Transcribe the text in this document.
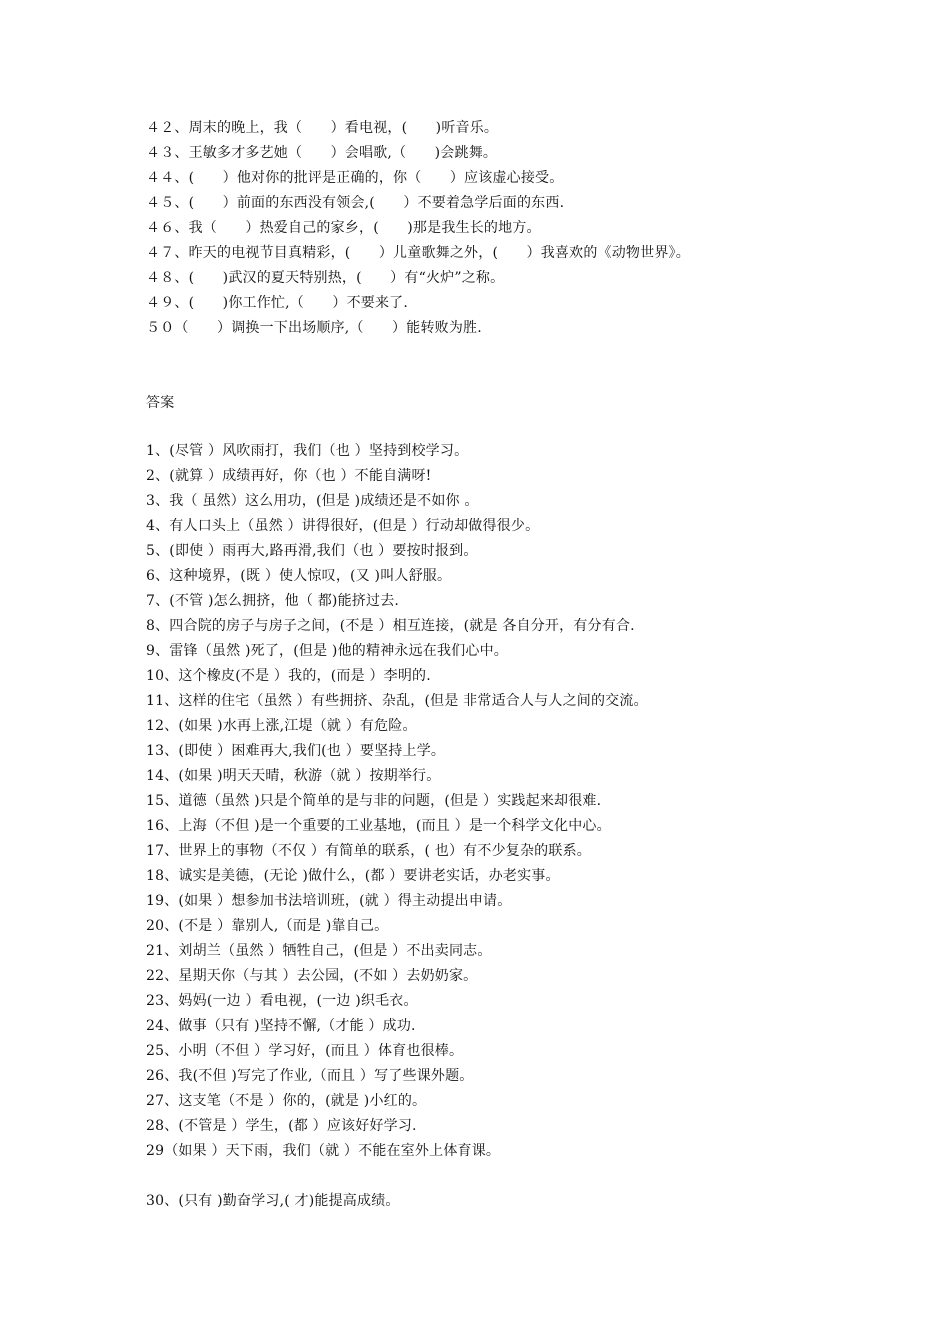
４２、周末的晚上，我（　　）看电视，(　　)听音乐。
４３、王敏多才多艺她（　　）会唱歌,（　　)会跳舞。
４４、(　　）他对你的批评是正确的，你（　　）应该虚心接受。
４５、(　　）前面的东西没有领会,(　　）不要着急学后面的东西.
４６、我（　　）热爱自己的家乡，(　　)那是我生长的地方。
４７、昨天的电视节目真精彩，(　　）儿童歌舞之外，(　　）我喜欢的《动物世界》。
４８、(　　)武汉的夏天特别热，(　　）有“火炉”之称。
４９、(　　)你工作忙,（　　）不要来了.
５０（　　）调换一下出场顺序,（　　）能转败为胜.
答案
1、(尽管 ）风吹雨打，我们（也 ）坚持到校学习。
2、(就算 ）成绩再好，你（也 ）不能自满呀!
3、我（ 虽然）这么用功，(但是 )成绩还是不如你 。
4、有人口头上（虽然 ）讲得很好，(但是 ）行动却做得很少。
5、(即使 ）雨再大,路再滑,我们（也 ）要按时报到。
6、这种境界，(既 ）使人惊叹，(又 )叫人舒服。
7、(不管 )怎么拥挤，他（ 都)能挤过去.
8、四合院的房子与房子之间，(不是 ）相互连接，(就是 各自分开，有分有合.
9、雷锋（虽然 )死了，(但是 )他的精神永远在我们心中。
10、这个橡皮(不是 ）我的，(而是 ）李明的.
11、这样的住宅（虽然 ）有些拥挤、杂乱，(但是 非常适合人与人之间的交流。
12、(如果 )水再上涨,江堤（就 ）有危险。
13、(即使 ）困难再大,我们(也 ）要坚持上学。
14、(如果 )明天天晴，秋游（就 ）按期举行。
15、道德（虽然 )只是个简单的是与非的问题，(但是 ）实践起来却很难.
16、上海（不但 )是一个重要的工业基地，(而且 ）是一个科学文化中心。
17、世界上的事物（不仅 ）有简单的联系，( 也）有不少复杂的联系。
18、诚实是美德，(无论 )做什么，(都 ）要讲老实话，办老实事。
19、(如果 ）想参加书法培训班，(就 ）得主动提出申请。
20、(不是 ）靠别人,（而是 )靠自己。
21、刘胡兰（虽然 ）牺牲自己，(但是 ）不出卖同志。
22、星期天你（与其 ）去公园，(不如 ）去奶奶家。
23、妈妈(一边 ）看电视，(一边 )织毛衣。
24、做事（只有 )坚持不懈,（才能 ）成功.
25、小明（不但 ）学习好，(而且 ）体育也很棒。
26、我(不但 )写完了作业,（而且 ）写了些课外题。
27、这支笔（不是 ）你的，(就是 )小红的。
28、(不管是 ）学生，(都 ）应该好好学习.
29（如果 ）天下雨，我们（就 ）不能在室外上体育课。
30、(只有 )勤奋学习,( 才)能提高成绩。
